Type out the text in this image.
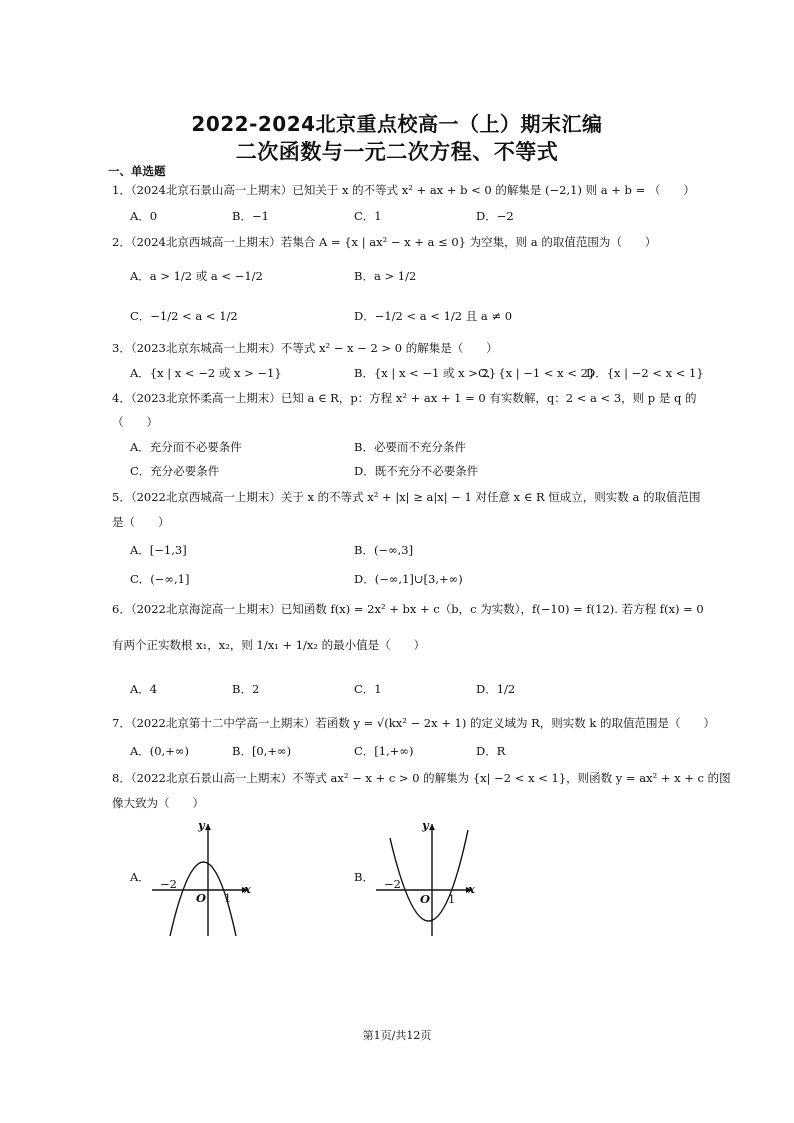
2022-2024北京重点校高一（上）期末汇编
二次函数与一元二次方程、不等式
一、单选题
1．（2024北京石景山高一上期末）已知关于 x 的不等式 x² + ax + b < 0 的解集是 (−2,1) 则 a + b = （　　）
A．0	B．−1	C．1	D．−2
2．（2024北京西城高一上期末）若集合 A = {x | ax² − x + a ≤ 0} 为空集，则 a 的取值范围为（　　）
A．a > 1/2 或 a < −1/2	B．a > 1/2
C．−1/2 < a < 1/2	D．−1/2 < a < 1/2 且 a ≠ 0
3．（2023北京东城高一上期末）不等式 x² − x − 2 > 0 的解集是（　　）
A．{x | x < −2 或 x > −1}	B．{x | x < −1 或 x > 2}
C．{x | −1 < x < 2}
D．{x | −2 < x < 1}
4．（2023北京怀柔高一上期末）已知 a ∈ R，p：方程 x² + ax + 1 = 0 有实数解，q：2 < a < 3，则 p 是 q 的
（　　）
A．充分而不必要条件	B．必要而不充分条件
C．充分必要条件	D．既不充分不必要条件
5．（2022北京西城高一上期末）关于 x 的不等式 x² + |x| ≥ a|x| − 1 对任意 x ∈ R 恒成立，则实数 a 的取值范围
是（　　）
A．[−1,3]	B．(−∞,3]
C．(−∞,1]	D．(−∞,1]∪[3,+∞)
6．（2022北京海淀高一上期末）已知函数 f(x) = 2x² + bx + c（b，c 为实数），f(−10) = f(12). 若方程 f(x) = 0
有两个正实数根 x₁，x₂，则 1/x₁ + 1/x₂ 的最小值是（　　）
A．4	B．2	C．1	D．1/2
7．（2022北京第十二中学高一上期末）若函数 y = √(kx² − 2x + 1) 的定义域为 R，则实数 k 的取值范围是（　　）
A．(0,+∞)	B．[0,+∞)	C．[1,+∞)	D．R
8．（2022北京石景山高一上期末）不等式 ax² − x + c > 0 的解集为 {x| −2 < x < 1}，则函数 y = ax² + x + c 的图
像大致为（　　）
A．	B．
y
x
O
−2
1
y
x
O
−2
1
第1页/共12页
